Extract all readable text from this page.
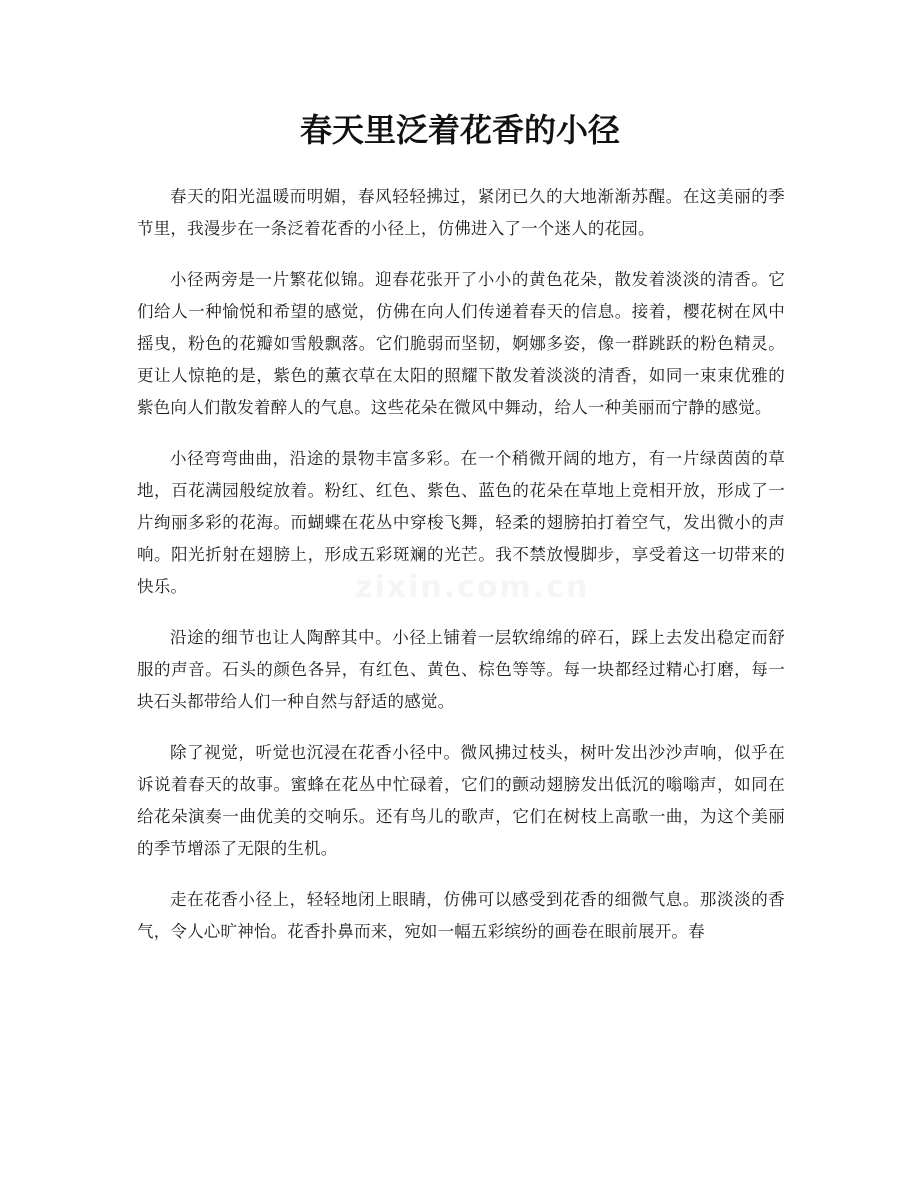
春天里泛着花香的小径
zixin.com.cn

春天的阳光温暖而明媚，春风轻轻拂过，紧闭已久的大地渐渐苏醒。在这美丽的季节里，我漫步在一条泛着花香的小径上，仿佛进入了一个迷人的花园。

小径两旁是一片繁花似锦。迎春花张开了小小的黄色花朵，散发着淡淡的清香。它们给人一种愉悦和希望的感觉，仿佛在向人们传递着春天的信息。接着，樱花树在风中摇曳，粉色的花瓣如雪般飘落。它们脆弱而坚韧，婀娜多姿，像一群跳跃的粉色精灵。更让人惊艳的是，紫色的薰衣草在太阳的照耀下散发着淡淡的清香，如同一束束优雅的紫色向人们散发着醉人的气息。这些花朵在微风中舞动，给人一种美丽而宁静的感觉。

小径弯弯曲曲，沿途的景物丰富多彩。在一个稍微开阔的地方，有一片绿茵茵的草地，百花满园般绽放着。粉红、红色、紫色、蓝色的花朵在草地上竞相开放，形成了一片绚丽多彩的花海。而蝴蝶在花丛中穿梭飞舞，轻柔的翅膀拍打着空气，发出微小的声响。阳光折射在翅膀上，形成五彩斑斓的光芒。我不禁放慢脚步，享受着这一切带来的快乐。

沿途的细节也让人陶醉其中。小径上铺着一层软绵绵的碎石，踩上去发出稳定而舒服的声音。石头的颜色各异，有红色、黄色、棕色等等。每一块都经过精心打磨，每一块石头都带给人们一种自然与舒适的感觉。

除了视觉，听觉也沉浸在花香小径中。微风拂过枝头，树叶发出沙沙声响，似乎在诉说着春天的故事。蜜蜂在花丛中忙碌着，它们的颤动翅膀发出低沉的嗡嗡声，如同在给花朵演奏一曲优美的交响乐。还有鸟儿的歌声，它们在树枝上高歌一曲，为这个美丽的季节增添了无限的生机。

走在花香小径上，轻轻地闭上眼睛，仿佛可以感受到花香的细微气息。那淡淡的香气，令人心旷神怡。花香扑鼻而来，宛如一幅五彩缤纷的画卷在眼前展开。春
